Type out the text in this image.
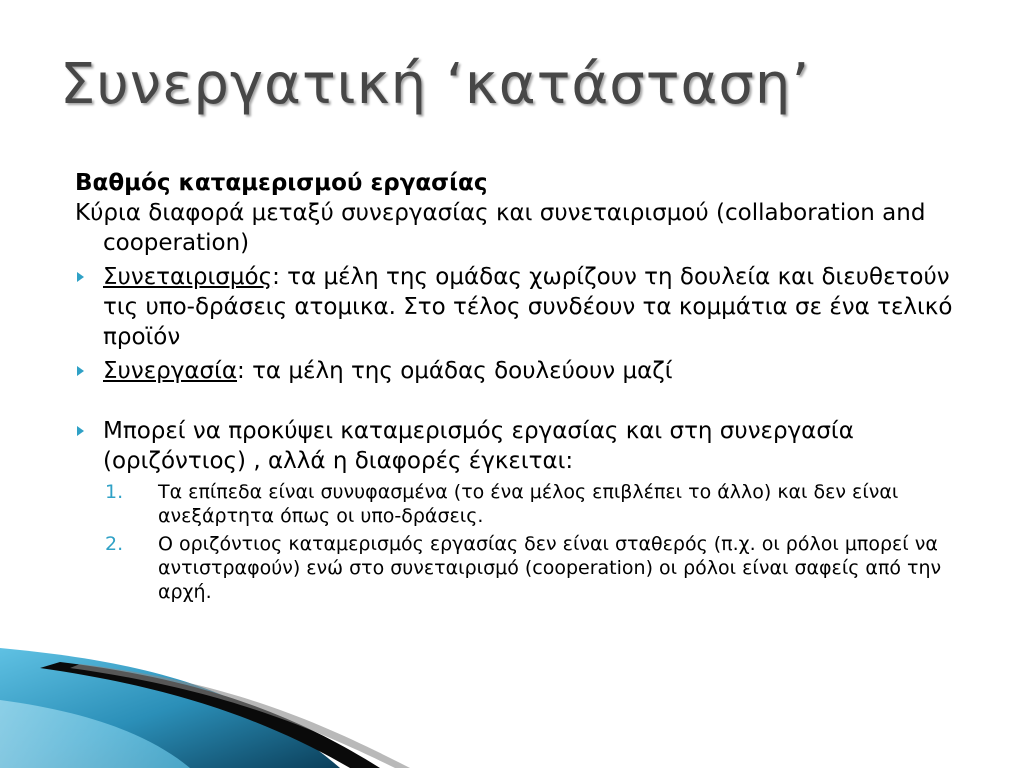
Συνεργατική ‘κατάσταση’
Βαθμός καταμερισμού εργασίας
Κύρια διαφορά μεταξύ συνεργασίας και συνεταιρισμού (collaboration and cooperation)
Συνεταιρισμός: τα μέλη της ομάδας χωρίζουν τη δουλεία και διευθετούν τις υπο-δράσεις ατομικα. Στο τέλος συνδέουν τα κομμάτια σε ένα τελικό προϊόν
Συνεργασία: τα μέλη της ομάδας δουλεύουν μαζί
Μπορεί να προκύψει καταμερισμός εργασίας και στη συνεργασία (οριζόντιος) , αλλά η διαφορές έγκειται:
1. Τα επίπεδα είναι συνυφασμένα (το ένα μέλος επιβλέπει το άλλο) και δεν είναι ανεξάρτητα όπως οι υπο-δράσεις.
2. Ο οριζόντιος καταμερισμός εργασίας δεν είναι σταθερός (π.χ. οι ρόλοι μπορεί να αντιστραφούν) ενώ στο συνεταιρισμό (cooperation) οι ρόλοι είναι σαφείς από την αρχή.
